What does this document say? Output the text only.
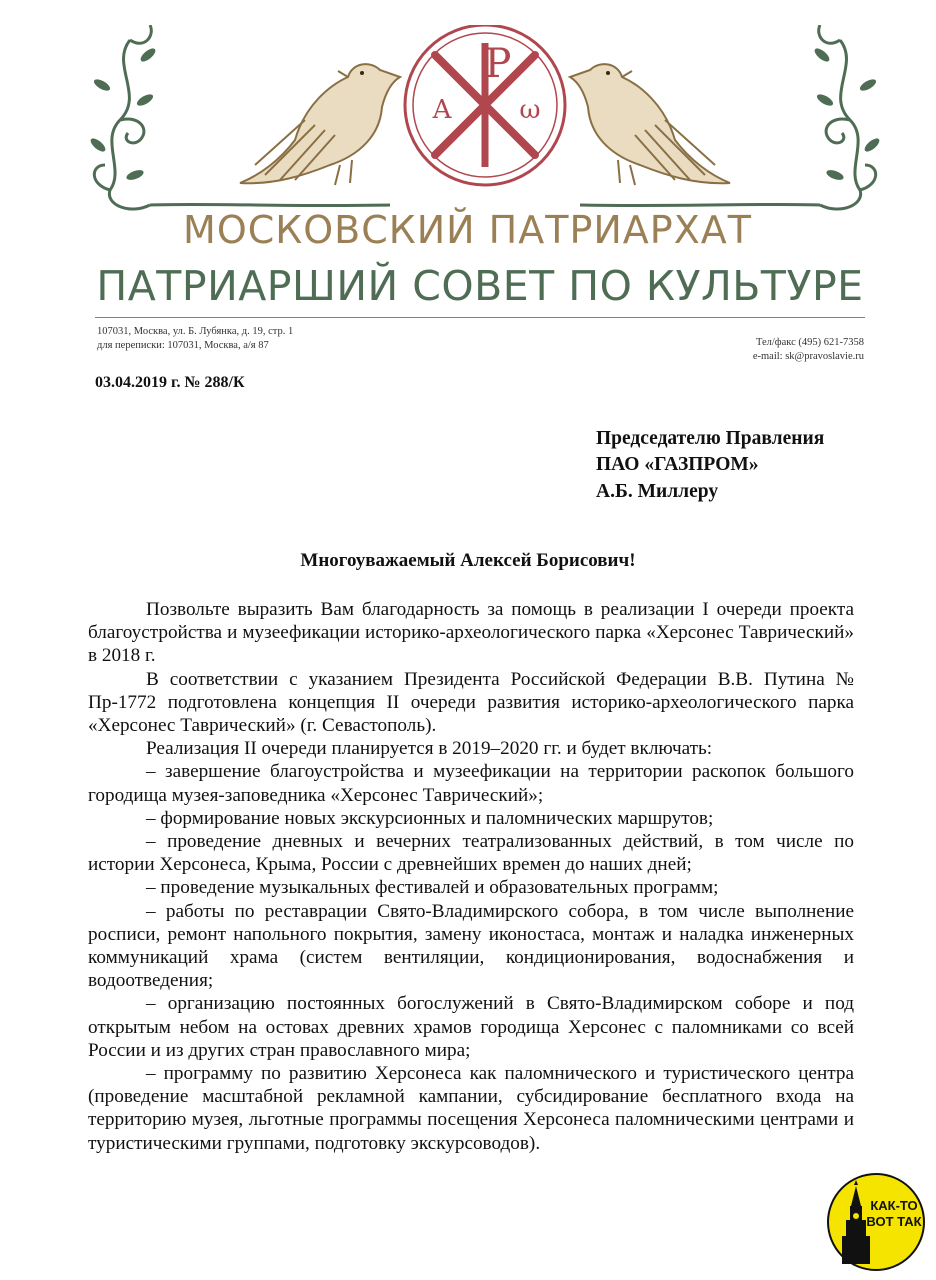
P
A	ω
МОСКОВСКИЙ ПАТРИАРХАТ
ПАТРИАРШИЙ СОВЕТ ПО КУЛЬТУРЕ
107031, Москва, ул. Б. Лубянка, д. 19, стр. 1
для переписки: 107031, Москва, а/я 87	Тел/факс (495) 621-7358
e-mail: sk@pravoslavie.ru
03.04.2019 г. № 288/К
Председателю Правления
ПАО «ГАЗПРОМ»
А.Б. Миллеру
Многоуважаемый Алексей Борисович!

Позвольте выразить Вам благодарность за помощь в реализации I очереди проекта благоустройства и музеефикации историко-археологического парка «Херсонес Таврический» в 2018 г.

В соответствии с указанием Президента Российской Федерации В.В. Путина № Пр-1772 подготовлена концепция II очереди развития историко-археологического парка «Херсонес Таврический» (г. Севастополь).

Реализация II очереди планируется в 2019–2020 гг. и будет включать:

– завершение благоустройства и музеефикации на территории раскопок большого городища музея-заповедника «Херсонес Таврический»;

– формирование новых экскурсионных и паломнических маршрутов;

– проведение дневных и вечерних театрализованных действий, в том числе по истории Херсонеса, Крыма, России с древнейших времен до наших дней;

– проведение музыкальных фестивалей и образовательных программ;

– работы по реставрации Свято-Владимирского собора, в том числе выполнение росписи, ремонт напольного покрытия, замену иконостаса, монтаж и наладка инженерных коммуникаций храма (систем вентиляции, кондиционирования, водоснабжения и водоотведения;

– организацию постоянных богослужений в Свято-Владимирском соборе и под открытым небом на остовах древних храмов городища Херсонес с паломниками со всей России и из других стран православного мира;

– программу по развитию Херсонеса как паломнического и туристического центра (проведение масштабной рекламной кампании, субсидирование бесплатного входа на территорию музея, льготные программы посещения Херсонеса паломническими центрами и туристическими группами, подготовку экскурсоводов).

КАК-ТО
ВОТ ТАК
